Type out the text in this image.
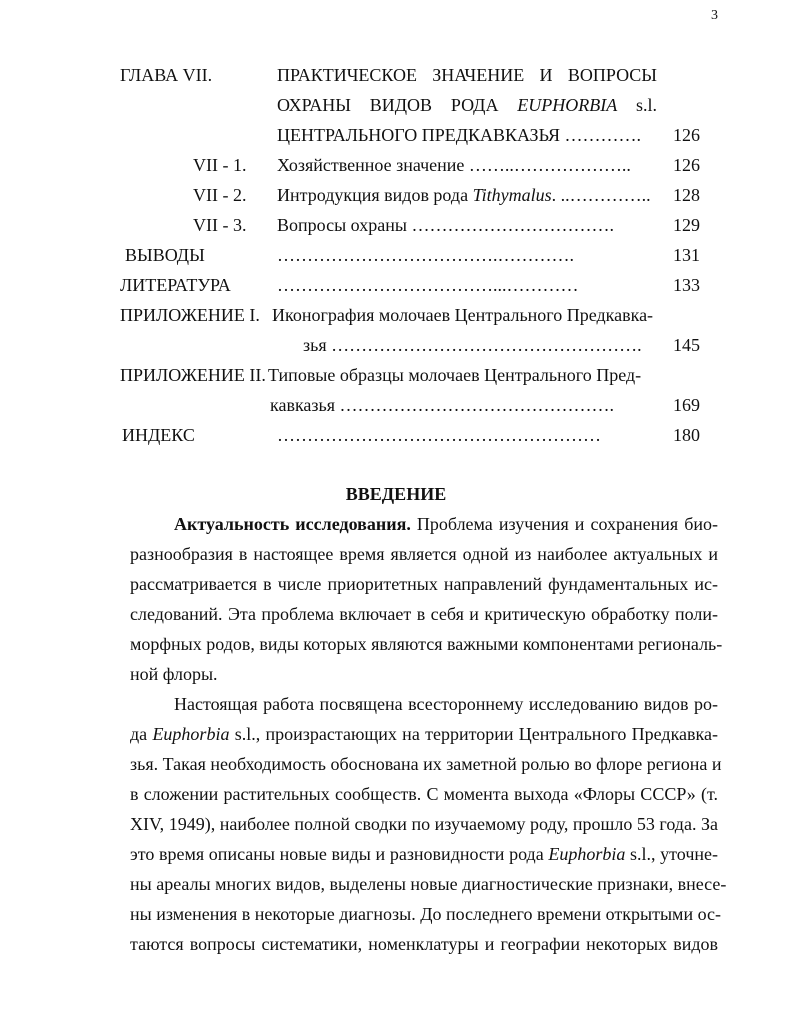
3
ГЛАВА VII.	ПРАКТИЧЕСКОЕ ЗНАЧЕНИЕ И ВОПРОСЫ
ОХРАНЫ ВИДОВ РОДА EUPHORBIA s.l.
ЦЕНТРАЛЬНОГО ПРЕДКАВКАЗЬЯ ………….	126
VII - 1. Хозяйственное значение ……..………………..	126
VII - 2. Интродукция видов рода Tithymalus. ..…………..	128
VII - 3. Вопросы охраны …………………………….	129
ВЫВОДЫ	……………………………….………….	131
ЛИТЕРАТУРА	………………………………...…………	133
ПРИЛОЖЕНИЕ I. Иконография молочаев Центрального Предкавка-
зья …………………………………………….	145
ПРИЛОЖЕНИЕ II. Типовые образцы молочаев Центрального Пред-
кавказья ……………………………………….	169
ИНДЕКС	………………………………………………	180
ВВЕДЕНИЕ
Актуальность исследования. Проблема изучения и сохранения био-
разнообразия в настоящее время является одной из наиболее актуальных и
рассматривается в числе приоритетных направлений фундаментальных ис-
следований. Эта проблема включает в себя и критическую обработку поли-
морфных родов, виды которых являются важными компонентами региональ-
ной флоры.
Настоящая работа посвящена всестороннему исследованию видов ро-
да Euphorbia s.l., произрастающих на территории Центрального Предкавка-
зья. Такая необходимость обоснована их заметной ролью во флоре региона и
в сложении растительных сообществ. С момента выхода «Флоры СССР» (т.
XIV, 1949), наиболее полной сводки по изучаемому роду, прошло 53 года. За
это время описаны новые виды и разновидности рода Euphorbia s.l., уточне-
ны ареалы многих видов, выделены новые диагностические признаки, внесе-
ны изменения в некоторые диагнозы. До последнего времени открытыми ос-
таются вопросы систематики, номенклатуры и географии некоторых видов
